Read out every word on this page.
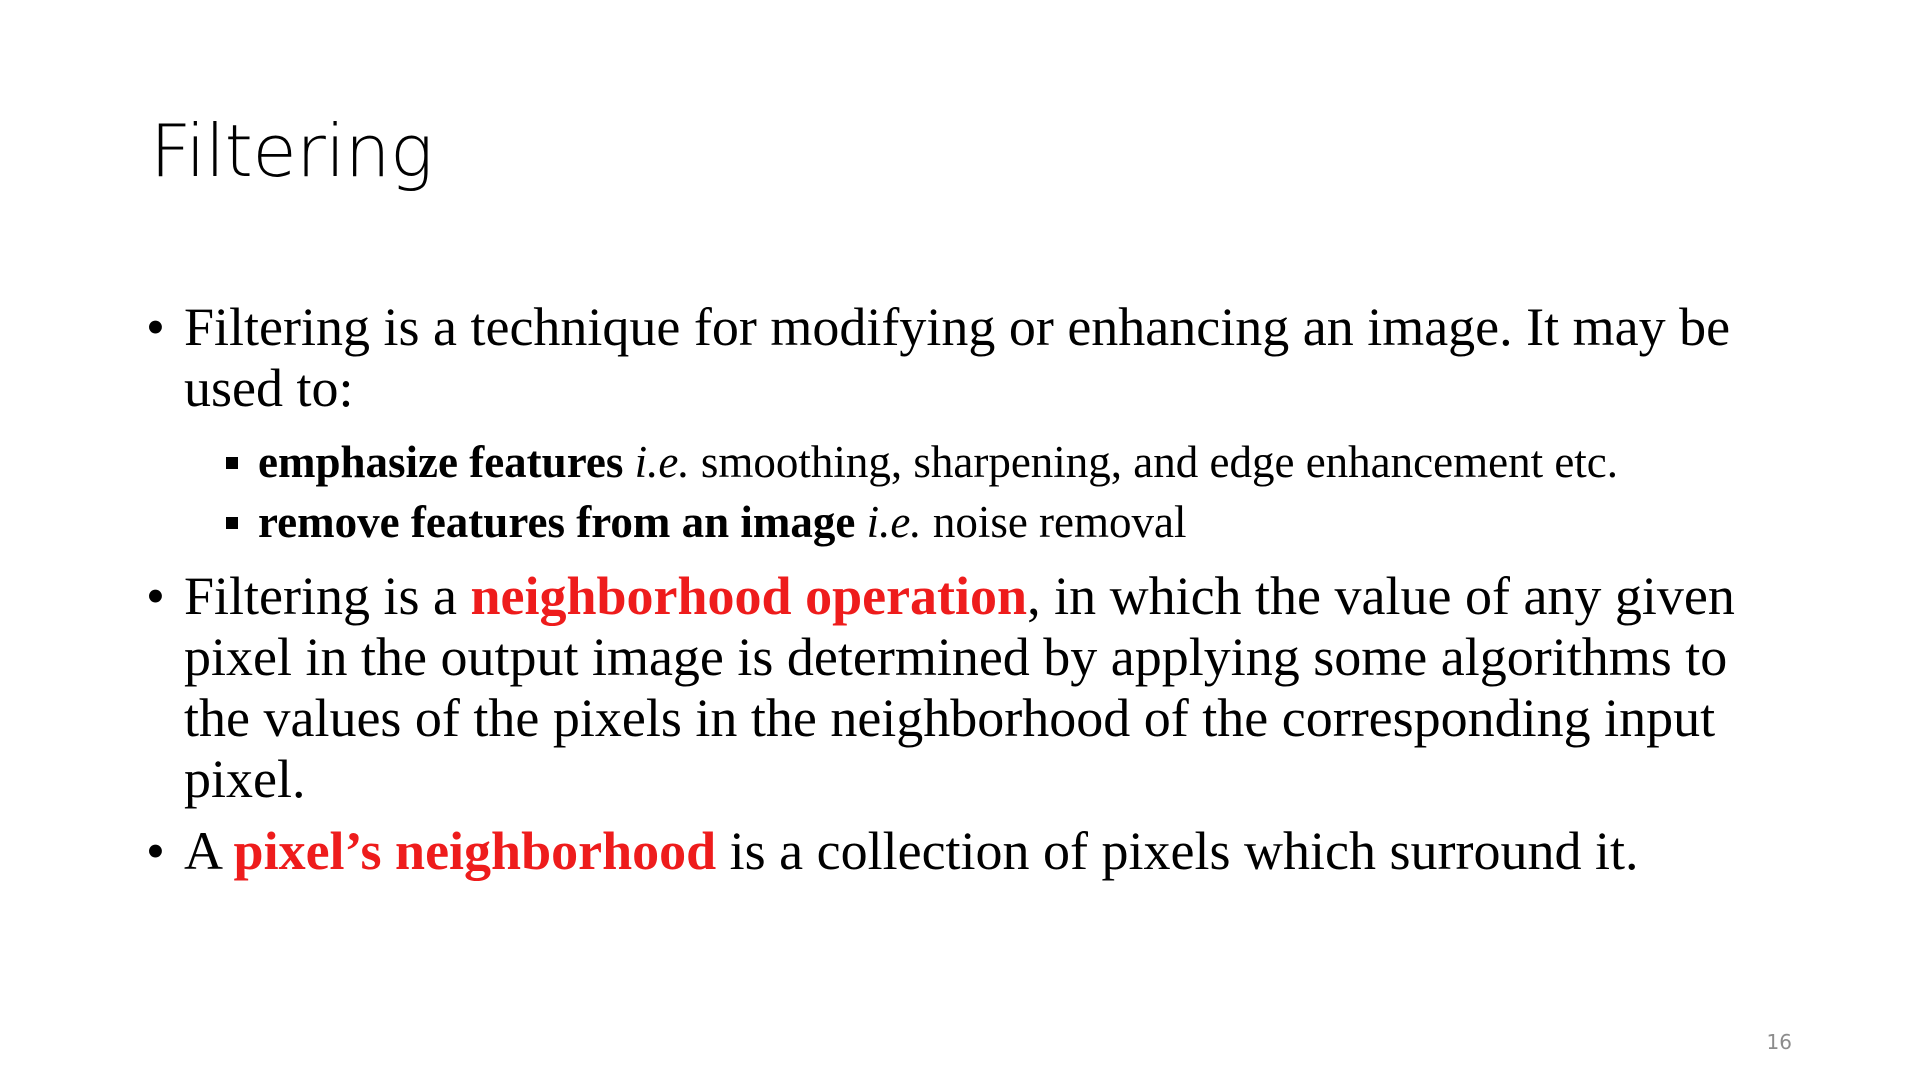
Filtering
• Filtering is a technique for modifying or enhancing an image. It may be used to:
emphasize features i.e. smoothing, sharpening, and edge enhancement etc.
remove features from an image i.e. noise removal
• Filtering is a neighborhood operation, in which the value of any given pixel in the output image is determined by applying some algorithms to the values of the pixels in the neighborhood of the corresponding input pixel.
• A pixel’s neighborhood is a collection of pixels which surround it.
16
